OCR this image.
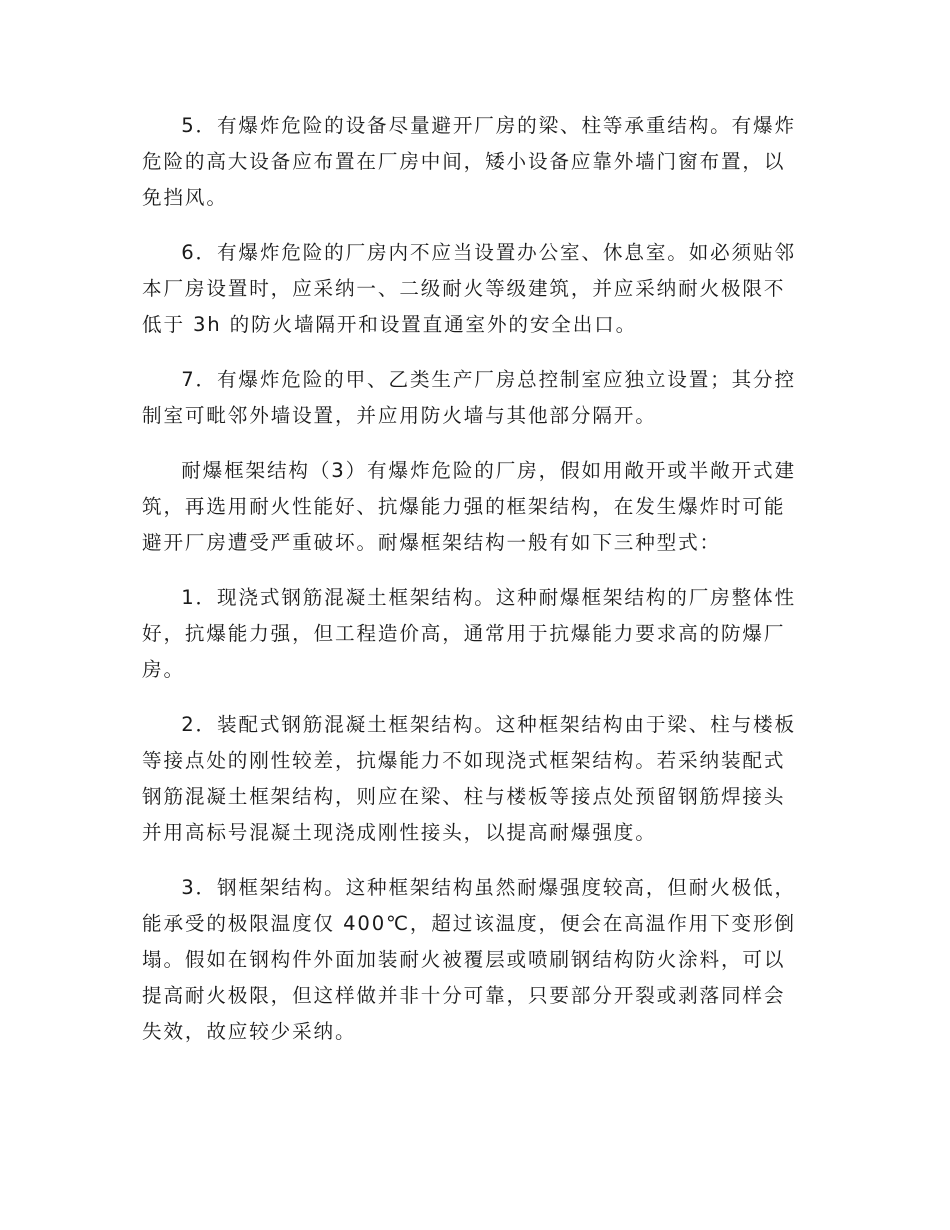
5．有爆炸危险的设备尽量避开厂房的梁、柱等承重结构。有爆炸
危险的高大设备应布置在厂房中间，矮小设备应靠外墙门窗布置，以
免挡风。

6．有爆炸危险的厂房内不应当设置办公室、休息室。如必须贴邻
本厂房设置时，应采纳一、二级耐火等级建筑，并应采纳耐火极限不
低于 3h 的防火墙隔开和设置直通室外的安全出口。

7．有爆炸危险的甲、乙类生产厂房总控制室应独立设置；其分控
制室可毗邻外墙设置，并应用防火墙与其他部分隔开。

耐爆框架结构（3）有爆炸危险的厂房，假如用敞开或半敞开式建
筑，再选用耐火性能好、抗爆能力强的框架结构，在发生爆炸时可能
避开厂房遭受严重破坏。耐爆框架结构一般有如下三种型式：

1．现浇式钢筋混凝土框架结构。这种耐爆框架结构的厂房整体性
好，抗爆能力强，但工程造价高，通常用于抗爆能力要求高的防爆厂
房。

2．装配式钢筋混凝土框架结构。这种框架结构由于梁、柱与楼板
等接点处的刚性较差，抗爆能力不如现浇式框架结构。若采纳装配式
钢筋混凝土框架结构，则应在梁、柱与楼板等接点处预留钢筋焊接头
并用高标号混凝土现浇成刚性接头，以提高耐爆强度。

3．钢框架结构。这种框架结构虽然耐爆强度较高，但耐火极低，
能承受的极限温度仅 400℃，超过该温度，便会在高温作用下变形倒
塌。假如在钢构件外面加装耐火被覆层或喷刷钢结构防火涂料，可以
提高耐火极限，但这样做并非十分可靠，只要部分开裂或剥落同样会
失效，故应较少采纳。
